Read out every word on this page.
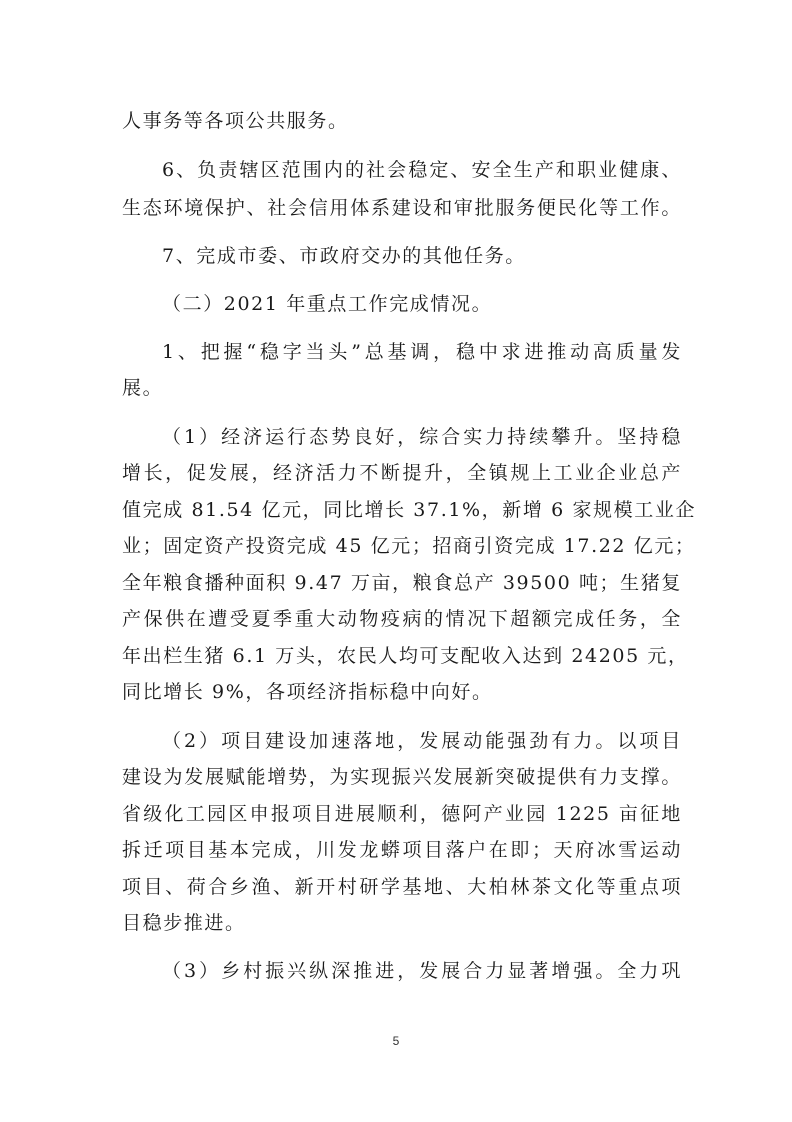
人事务等各项公共服务。
6、负责辖区范围内的社会稳定、安全生产和职业健康、
生态环境保护、社会信用体系建设和审批服务便民化等工作。
7、完成市委、市政府交办的其他任务。
（二）2021 年重点工作完成情况。
1、把握“稳字当头”总基调，稳中求进推动高质量发
展。
（1）经济运行态势良好，综合实力持续攀升。坚持稳
增长，促发展，经济活力不断提升，全镇规上工业企业总产
值完成 81.54 亿元，同比增长 37.1%，新增 6 家规模工业企
业；固定资产投资完成 45 亿元；招商引资完成 17.22 亿元；
全年粮食播种面积 9.47 万亩，粮食总产 39500 吨；生猪复
产保供在遭受夏季重大动物疫病的情况下超额完成任务，全
年出栏生猪 6.1 万头，农民人均可支配收入达到 24205 元，
同比增长 9%，各项经济指标稳中向好。
（2）项目建设加速落地，发展动能强劲有力。以项目
建设为发展赋能增势，为实现振兴发展新突破提供有力支撑。
省级化工园区申报项目进展顺利，德阿产业园 1225 亩征地
拆迁项目基本完成，川发龙蟒项目落户在即；天府冰雪运动
项目、荷合乡渔、新开村研学基地、大柏林茶文化等重点项
目稳步推进。
（3）乡村振兴纵深推进，发展合力显著增强。全力巩
5
